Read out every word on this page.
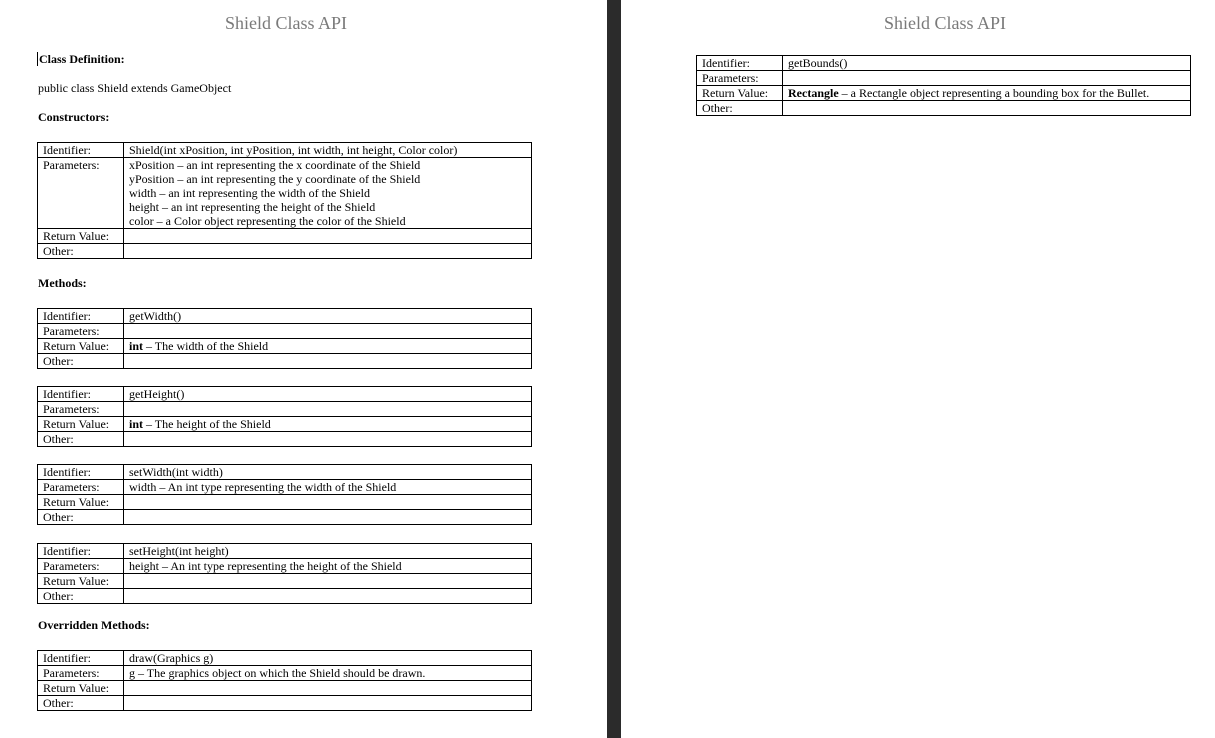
Shield Class API
Class Definition:
public class Shield extends GameObject
Constructors:
Identifier:	Shield(int xPosition, int yPosition, int width, int height, Color color)
Parameters:	xPosition – an int representing the x coordinate of the Shield
yPosition – an int representing the y coordinate of the Shield
width – an int representing the width of the Shield
height – an int representing the height of the Shield
color – a Color object representing the color of the Shield

Return Value:	
Other:	
Methods:
Identifier:	getWidth()
Parameters:	
Return Value:	int – The width of the Shield
Other:	
Identifier:	getHeight()
Parameters:	
Return Value:	int – The height of the Shield
Other:	
Identifier:	setWidth(int width)
Parameters:	width – An int type representing the width of the Shield
Return Value:	
Other:	
Identifier:	setHeight(int height)
Parameters:	height – An int type representing the height of the Shield
Return Value:	
Other:	
Overridden Methods:
Identifier:	draw(Graphics g)
Parameters:	g – The graphics object on which the Shield should be drawn.
Return Value:	
Other:	
Shield Class API
Identifier:	getBounds()
Parameters:	
Return Value:	Rectangle – a Rectangle object representing a bounding box for the Bullet.
Other:	
